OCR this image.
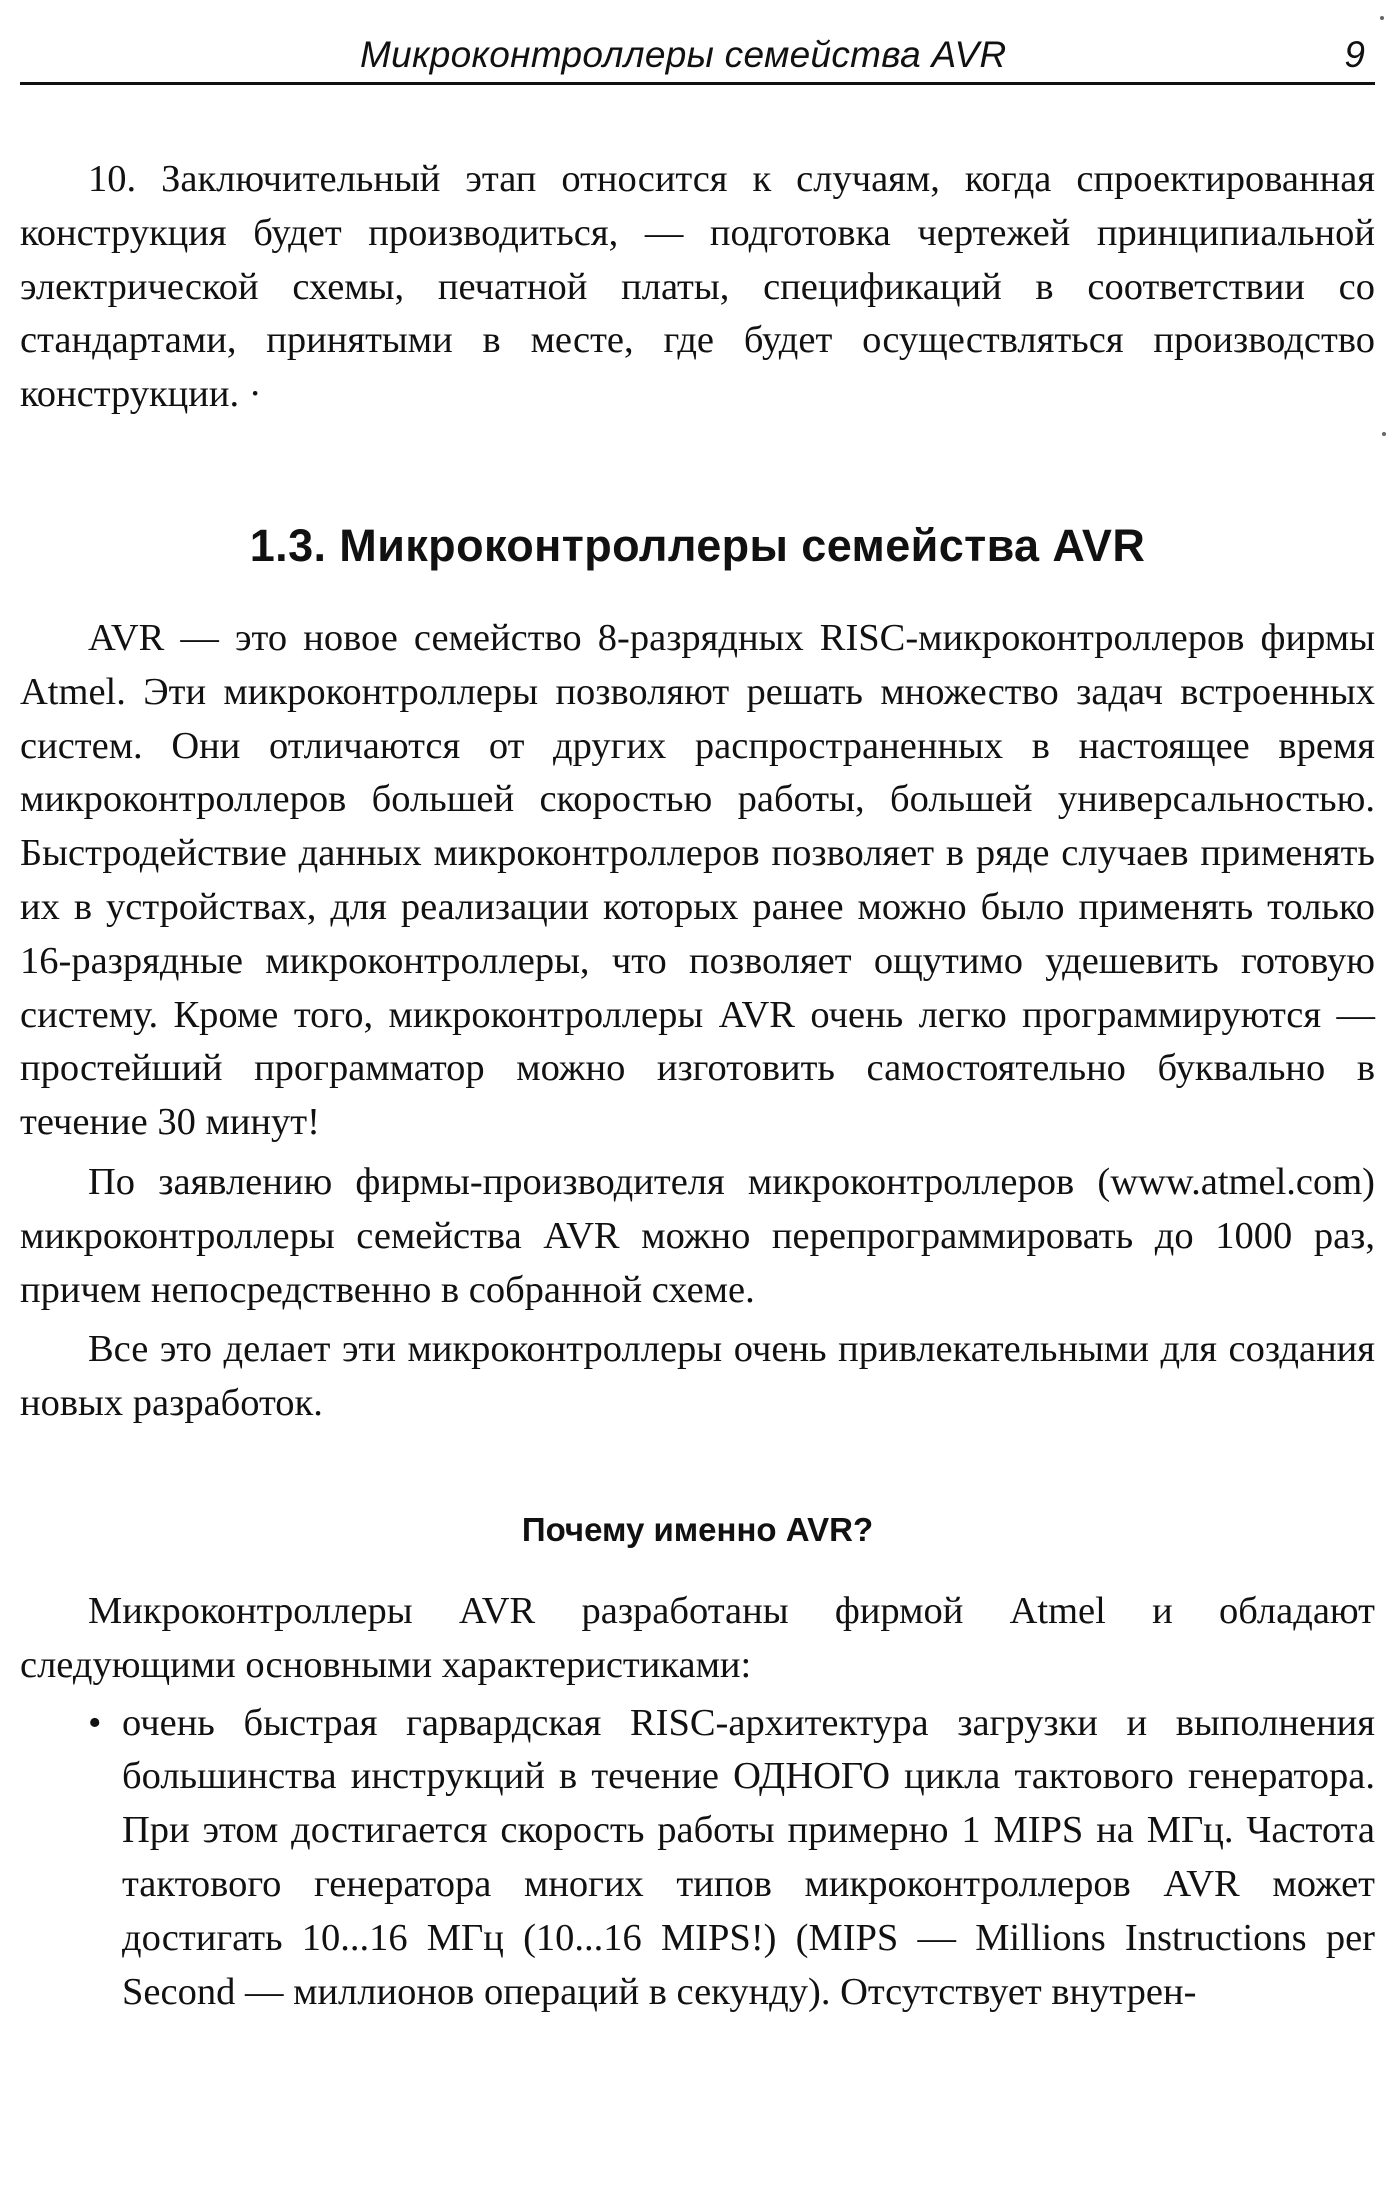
Микроконтроллеры семейства AVR	9

10. Заключительный этап относится к случаям, когда спроектированная конструкция будет производиться, — подготовка чертежей принципиальной электрической схемы, печатной платы, спецификаций в соответствии со стандартами, принятыми в месте, где будет осуществляться производство конструкции. ·

1.3. Микроконтроллеры семейства AVR

AVR — это новое семейство 8-разрядных RISC-микроконтроллеров фирмы Atmel. Эти микроконтроллеры позволяют решать множество задач встроенных систем. Они отличаются от других распространенных в настоящее время микроконтроллеров большей скоростью работы, большей универсальностью. Быстродействие данных микроконтроллеров позволяет в ряде случаев применять их в устройствах, для реализации которых ранее можно было применять только 16-разрядные микроконтроллеры, что позволяет ощутимо удешевить готовую систему. Кроме того, микроконтроллеры AVR очень легко программируются — простейший программатор можно изготовить самостоятельно буквально в течение 30 минут!

По заявлению фирмы-производителя микроконтроллеров (www.atmel.com) микроконтроллеры семейства AVR можно перепрограммировать до 1000 раз, причем непосредственно в собранной схеме.

Все это делает эти микроконтроллеры очень привлекательными для создания новых разработок.

Почему именно AVR?

Микроконтроллеры AVR разработаны фирмой Atmel и обладают следующими основными характеристиками:

• очень быстрая гарвардская RISC-архитектура загрузки и выполнения большинства инструкций в течение ОДНОГО цикла тактового генератора. При этом достигается скорость работы примерно 1 MIPS на МГц. Частота тактового генератора многих типов микроконтроллеров AVR может достигать 10...16 МГц (10...16 MIPS!) (MIPS — Millions Instructions per Second — миллионов операций в секунду). Отсутствует внутрен-
